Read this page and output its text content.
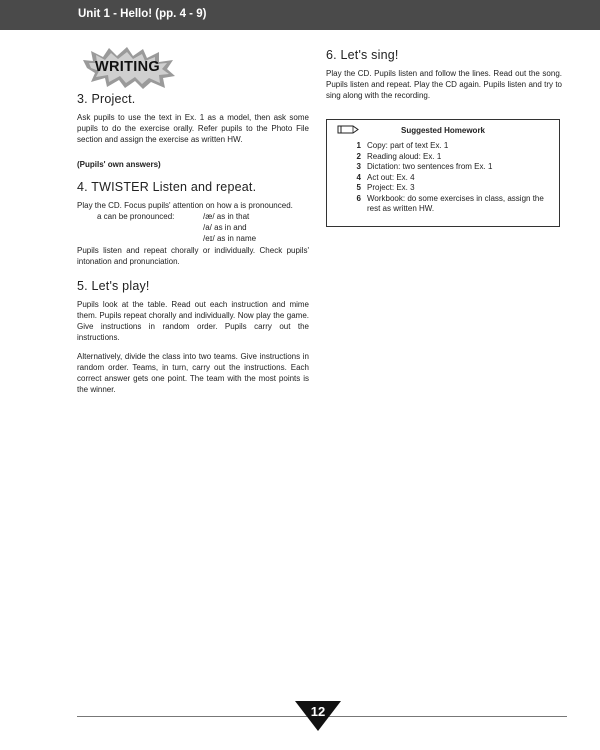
Unit 1 - Hello! (pp. 4 - 9)
WRITING
3. Project.

Ask pupils to use the text in Ex. 1 as a model, then ask some pupils to do the exercise orally. Refer pupils to the Photo File section and assign the exercise as written HW.

(Pupils' own answers)

4. TWISTER Listen and repeat.

Play the CD. Focus pupils' attention on how a is pronounced.

a can be pronounced:	/æ/ as in that
/a/ as in and
/eɪ/ as in name

Pupils listen and repeat chorally or individually. Check pupils' intonation and pronunciation.

5. Let's play!

Pupils look at the table. Read out each instruction and mime them. Pupils repeat chorally and individually. Now play the game. Give instructions in random order. Pupils carry out the instructions.

Alternatively, divide the class into two teams. Give instructions in random order. Teams, in turn, carry out the instructions. Each correct answer gets one point. The team with the most points is the winner.

6. Let's sing!

Play the CD. Pupils listen and follow the lines. Read out the song. Pupils listen and repeat. Play the CD again. Pupils listen and try to sing along with the recording.

Suggested Homework
1 Copy: part of text Ex. 1
2 Reading aloud: Ex. 1
3 Dictation: two sentences from Ex. 1
4 Act out: Ex. 4
5 Project: Ex. 3
6 Workbook: do some exercises in class, assign the rest as written HW.
12
